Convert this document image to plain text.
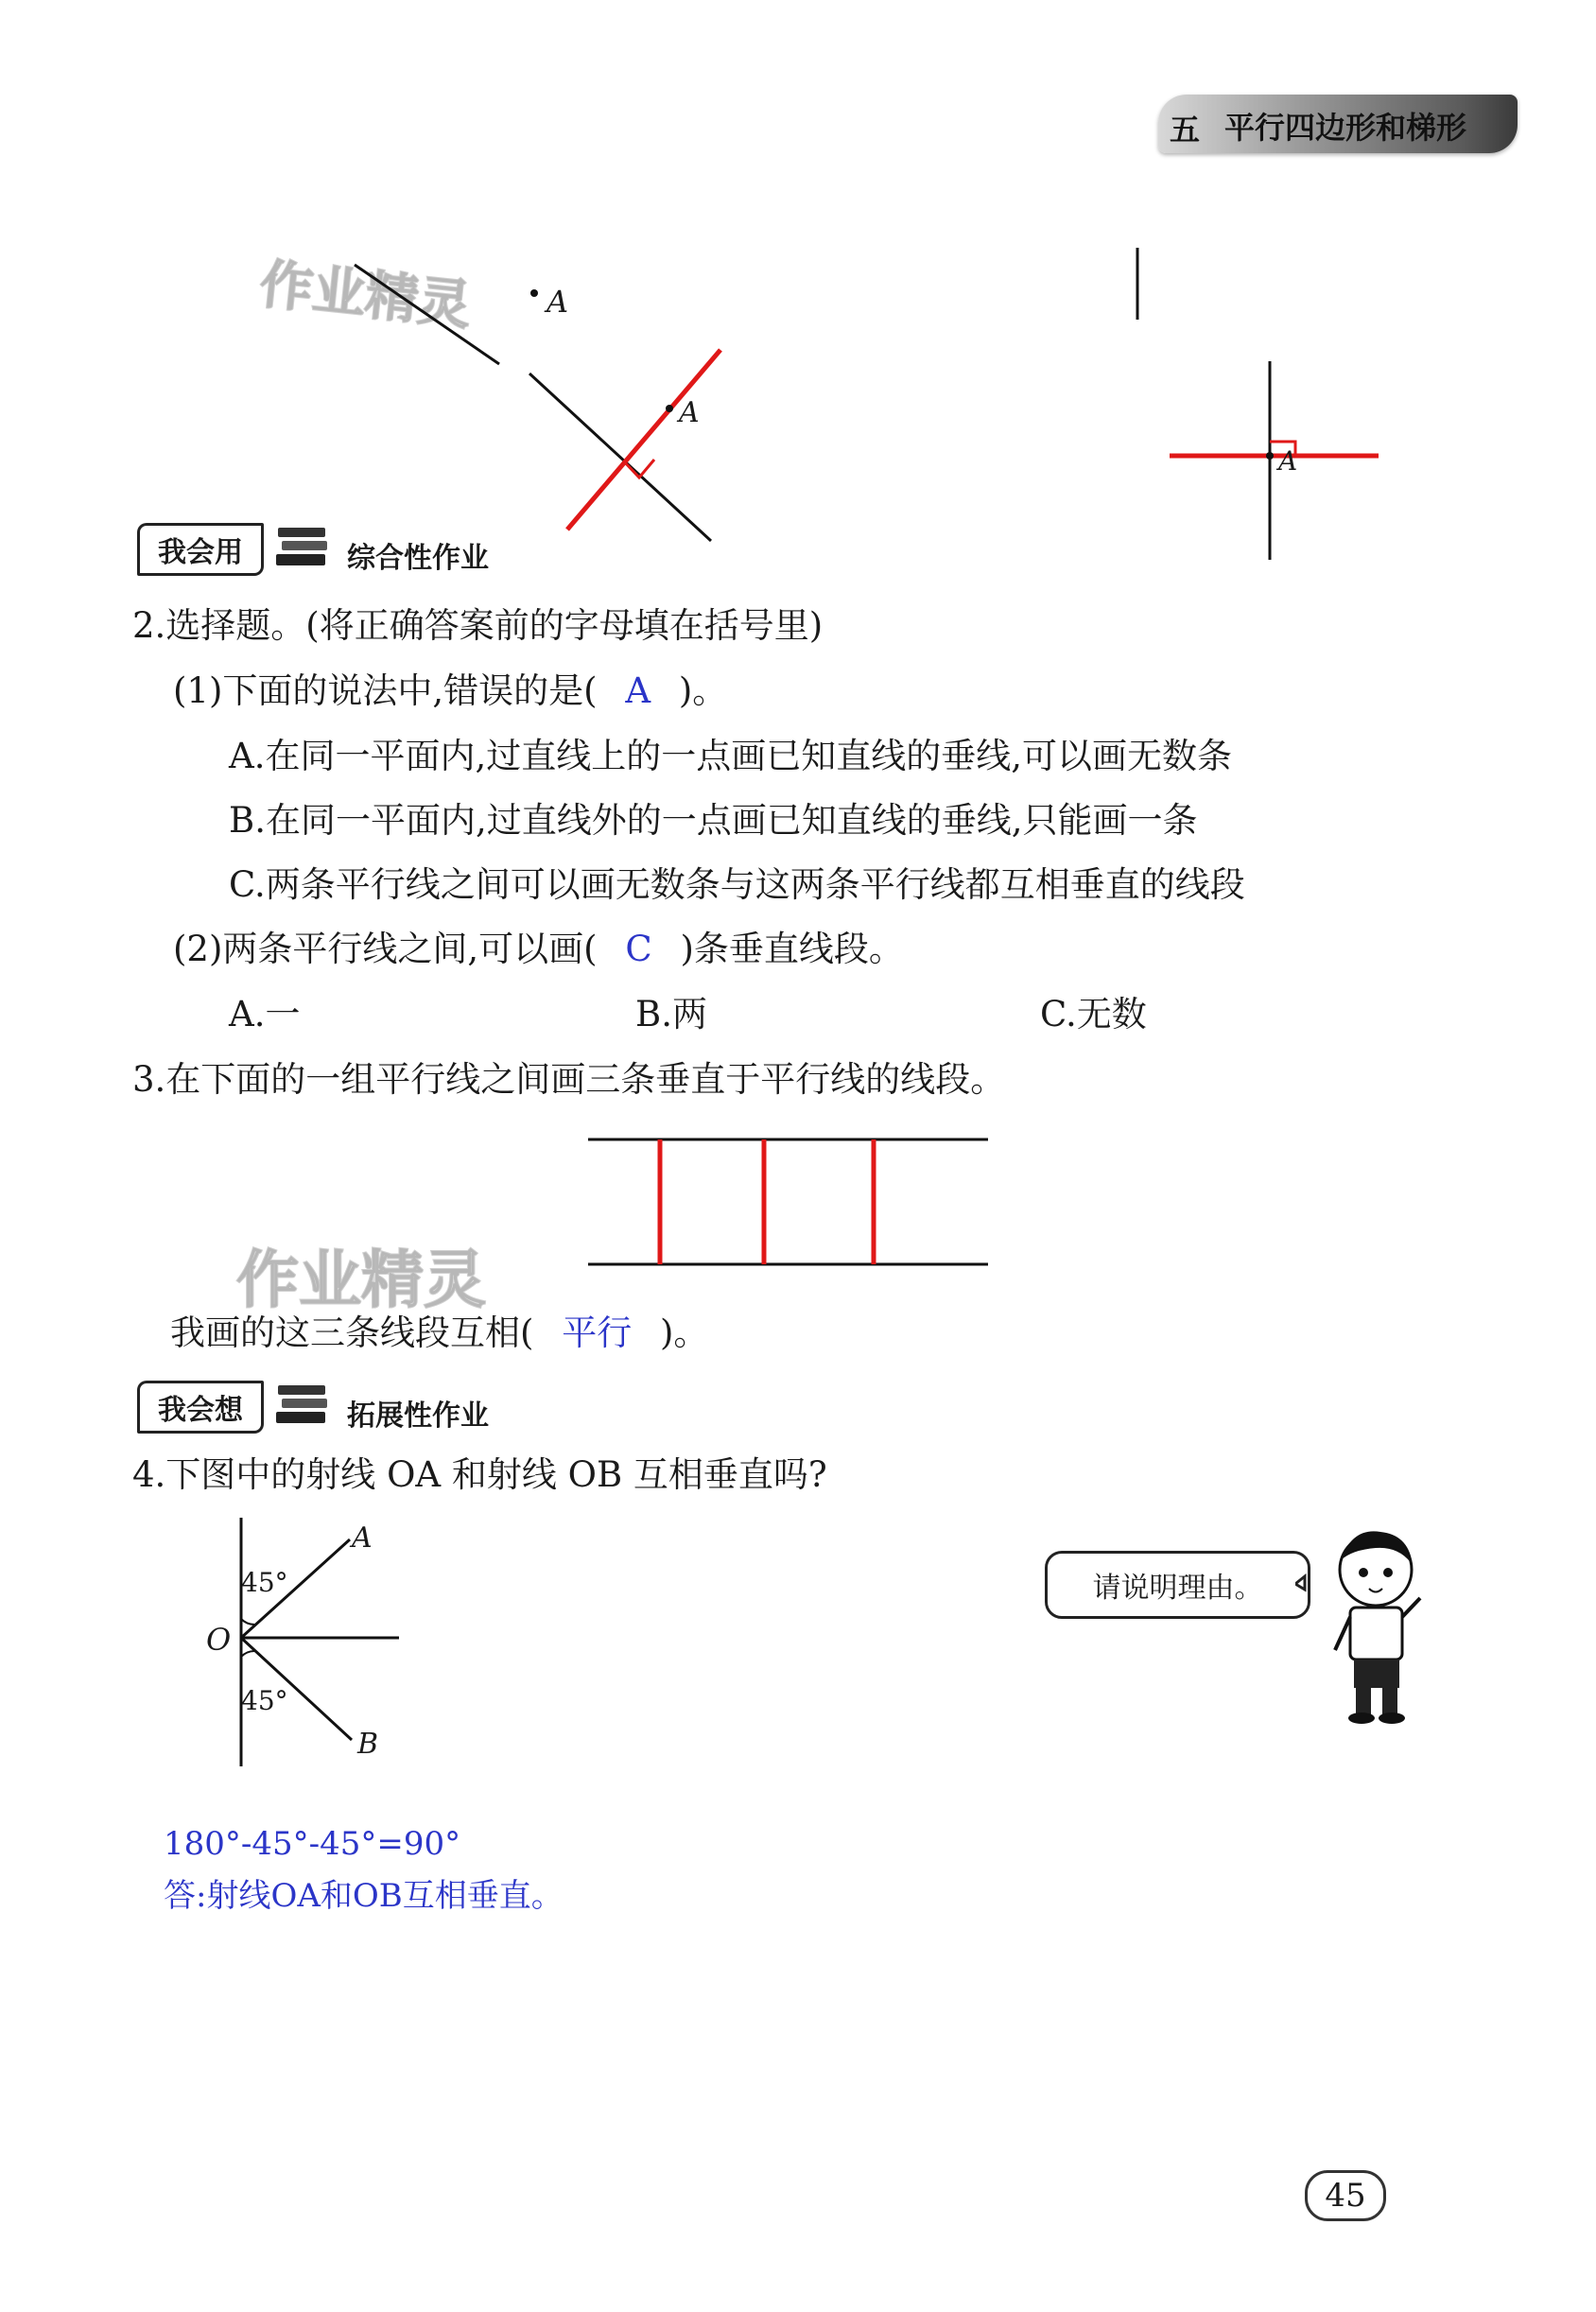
五 平行四边形和梯形
作业精灵
作业精灵
A
A
A
我会用	综合性作业
2.选择题。(将正确答案前的字母填在括号里)
(1)下面的说法中,错误的是( A )。
A.在同一平面内,过直线上的一点画已知直线的垂线,可以画无数条
B.在同一平面内,过直线外的一点画已知直线的垂线,只能画一条
C.两条平行线之间可以画无数条与这两条平行线都互相垂直的线段
(2)两条平行线之间,可以画( C )条垂直线段。
A.一	B.两	C.无数
3.在下面的一组平行线之间画三条垂直于平行线的线段。
我画的这三条线段互相( 平行 )。
我会想	拓展性作业
4.下图中的射线 OA 和射线 OB 互相垂直吗?
A
B
O
45°
45°
请说明理由。
180°-45°-45°=90°
答:射线OA和OB互相垂直。
45
